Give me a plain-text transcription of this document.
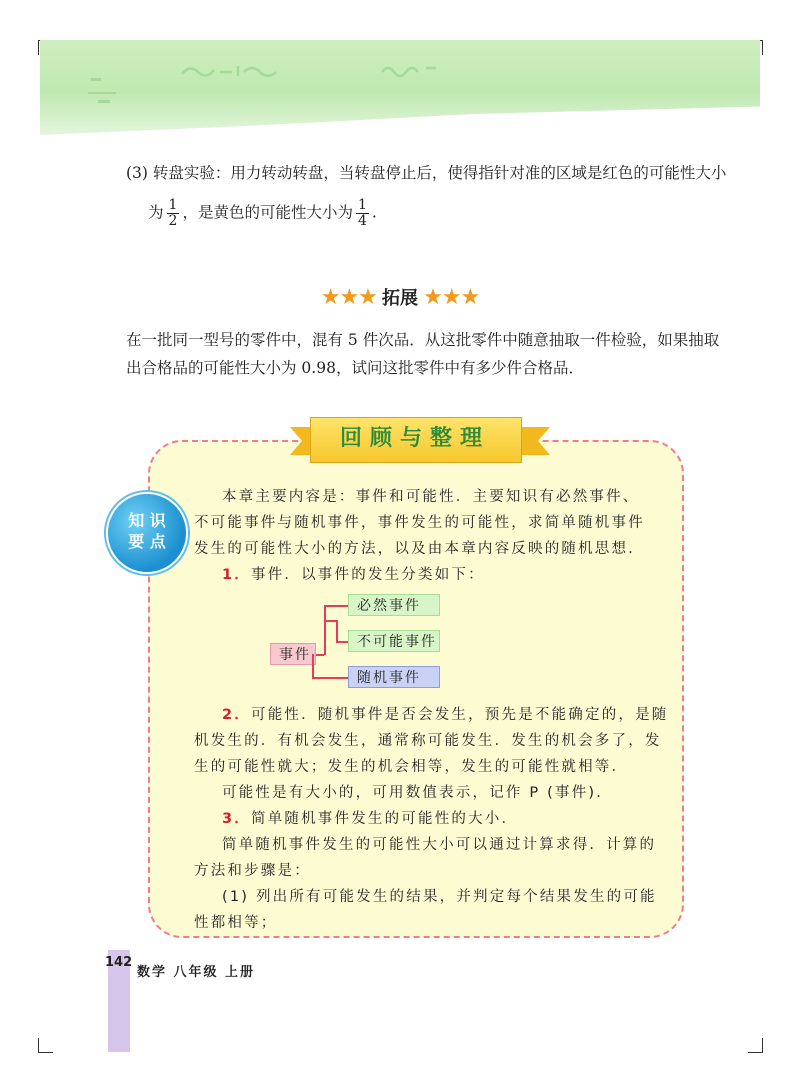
(3) 转盘实验：用力转动转盘，当转盘停止后，使得指针对准的区域是红色的可能性大小
为 $\frac{1}{2}$ ，是黄色的可能性大小为 $\frac{1}{4}$ .
★★★ 拓展 ★★★
在一批同一型号的零件中，混有 5 件次品．从这批零件中随意抽取一件检验，如果抽取
出合格品的可能性大小为 0.98，试问这批零件中有多少件合格品．
回顾与整理
知 识
要 点
本章主要内容是：事件和可能性．主要知识有必然事件、
不可能事件与随机事件，事件发生的可能性，求简单随机事件
发生的可能性大小的方法，以及由本章内容反映的随机思想．
1．事件．以事件的发生分类如下：
事件
必然事件
不可能事件
随机事件
2．可能性．随机事件是否会发生，预先是不能确定的，是随
机发生的．有机会发生，通常称可能发生．发生的机会多了，发
生的可能性就大；发生的机会相等，发生的可能性就相等．
可能性是有大小的，可用数值表示，记作 P (事件)．
3．简单随机事件发生的可能性的大小．
简单随机事件发生的可能性大小可以通过计算求得．计算的
方法和步骤是：
(1) 列出所有可能发生的结果，并判定每个结果发生的可能
性都相等；
142
数学 八年级 上册
